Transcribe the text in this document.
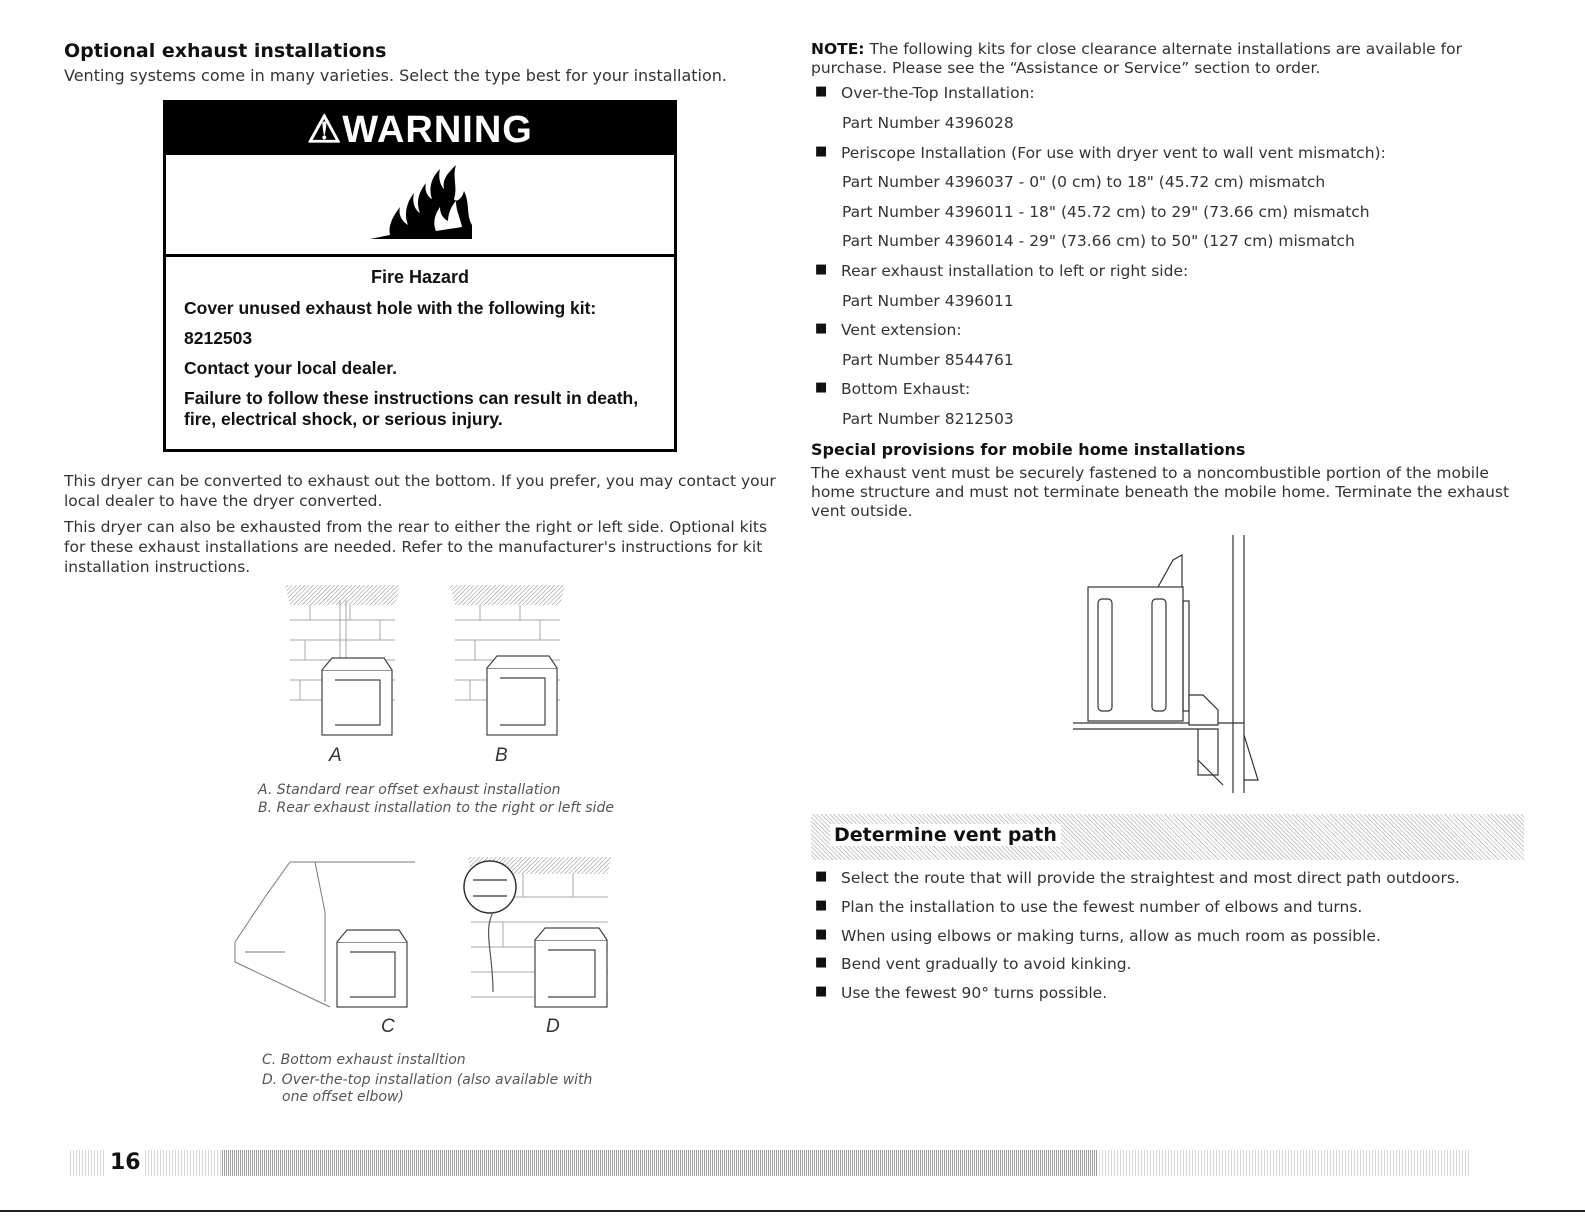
Optional exhaust installations

Venting systems come in many varieties. Select the type best for your installation.

⚠WARNING

Fire Hazard

Cover unused exhaust hole with the following kit:

8212503

Contact your local dealer.

Failure to follow these instructions can result in death, fire, electrical shock, or serious injury.

This dryer can be converted to exhaust out the bottom. If you prefer, you may contact your local dealer to have the dryer converted.

This dryer can also be exhausted from the rear to either the right or left side. Optional kits for these exhaust installations are needed. Refer to the manufacturer's instructions for kit installation instructions.

A	B

A. Standard rear offset exhaust installation

B. Rear exhaust installation to the right or left side

C	D

C. Bottom exhaust installtion

D. Over-the-top installation (also available with

one offset elbow)

NOTE: The following kits for close clearance alternate installations are available for purchase. Please see the “Assistance or Service” section to order.

Over-the-Top Installation:
Part Number 4396028
Periscope Installation (For use with dryer vent to wall vent mismatch):
Part Number 4396037 - 0" (0 cm) to 18" (45.72 cm) mismatch
Part Number 4396011 - 18" (45.72 cm) to 29" (73.66 cm) mismatch
Part Number 4396014 - 29" (73.66 cm) to 50" (127 cm) mismatch
Rear exhaust installation to left or right side:
Part Number 4396011
Vent extension:
Part Number 8544761
Bottom Exhaust:
Part Number 8212503
Special provisions for mobile home installations

The exhaust vent must be securely fastened to a noncombustible portion of the mobile home structure and must not terminate beneath the mobile home. Terminate the exhaust vent outside.

Determine vent path
Select the route that will provide the straightest and most direct path outdoors.
Plan the installation to use the fewest number of elbows and turns.
When using elbows or making turns, allow as much room as possible.
Bend vent gradually to avoid kinking.
Use the fewest 90° turns possible.

16
